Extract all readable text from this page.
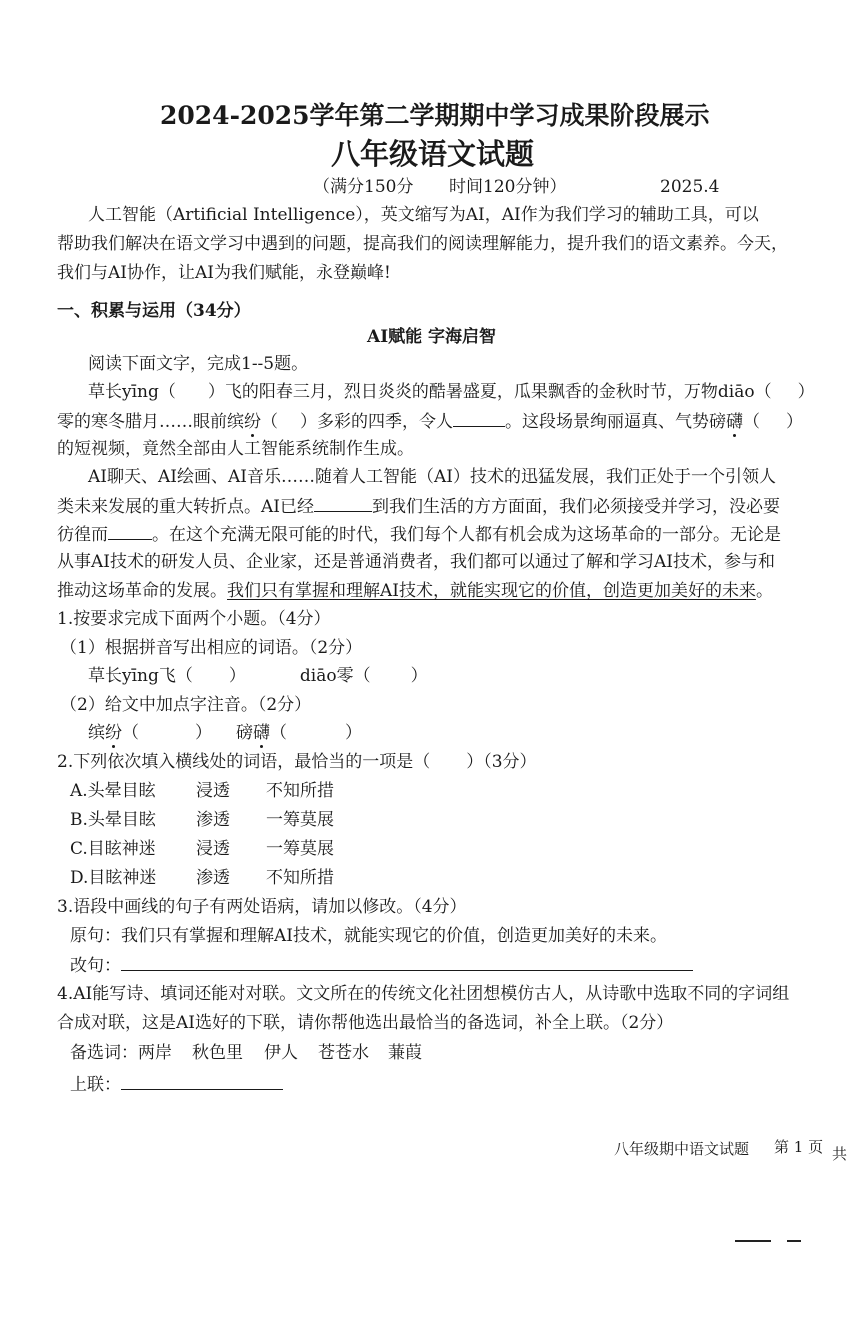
2024-2025学年第二学期期中学习成果阶段展示
八年级语文试题
（满分150分 时间120分钟）	2025.4
人工智能（Artificial Intelligence），英文缩写为AI，AI作为我们学习的辅助工具，可以
帮助我们解决在语文学习中遇到的问题，提高我们的阅读理解能力，提升我们的语文素养。今天，
我们与AI协作，让AI为我们赋能，永登巅峰!
一、积累与运用（34分）
AI赋能 字海启智
阅读下面文字，完成1--5题。
草长yīng（ ）飞的阳春三月，烈日炎炎的酷暑盛夏，瓜果飘香的金秋时节，万物diāo（ ）
零的寒冬腊月……眼前缤纷（ ）多彩的四季，令人	。这段场景绚丽逼真、气势磅礴（ ）
的短视频，竟然全部由人工智能系统制作生成。
AI聊天、AI绘画、AI音乐……随着人工智能（AI）技术的迅猛发展，我们正处于一个引领人
类未来发展的重大转折点。AI已经	到我们生活的方方面面，我们必须接受并学习，没必要
彷徨而	。在这个充满无限可能的时代，我们每个人都有机会成为这场革命的一部分。无论是
从事AI技术的研发人员、企业家，还是普通消费者，我们都可以通过了解和学习AI技术，参与和
推动这场革命的发展。我们只有掌握和理解AI技术，就能实现它的价值，创造更加美好的未来。
1.按要求完成下面两个小题。（4分）
（1）根据拼音写出相应的词语。（2分）
草长yīng飞（ ）	diāo零（ ）
（2）给文中加点字注音。（2分）
缤纷（	） 磅礴（	）
2.下列依次填入横线处的词语，最恰当的一项是（ ）（3分）
A.头晕目眩 浸透 不知所措
B.头晕目眩 渗透 一筹莫展
C.目眩神迷 浸透 一筹莫展
D.目眩神迷 渗透 不知所措
3.语段中画线的句子有两处语病，请加以修改。（4分）
原句：我们只有掌握和理解AI技术，就能实现它的价值，创造更加美好的未来。
改句：
4.AI能写诗、填词还能对对联。文文所在的传统文化社团想模仿古人，从诗歌中选取不同的字词组
合成对联，这是AI选好的下联，请你帮他选出最恰当的备选词，补全上联。（2分）
备选词：两岸 秋色里 伊人 苍苍水 蒹葭
上联：
八年级期中语文试题 第 1 页 共
